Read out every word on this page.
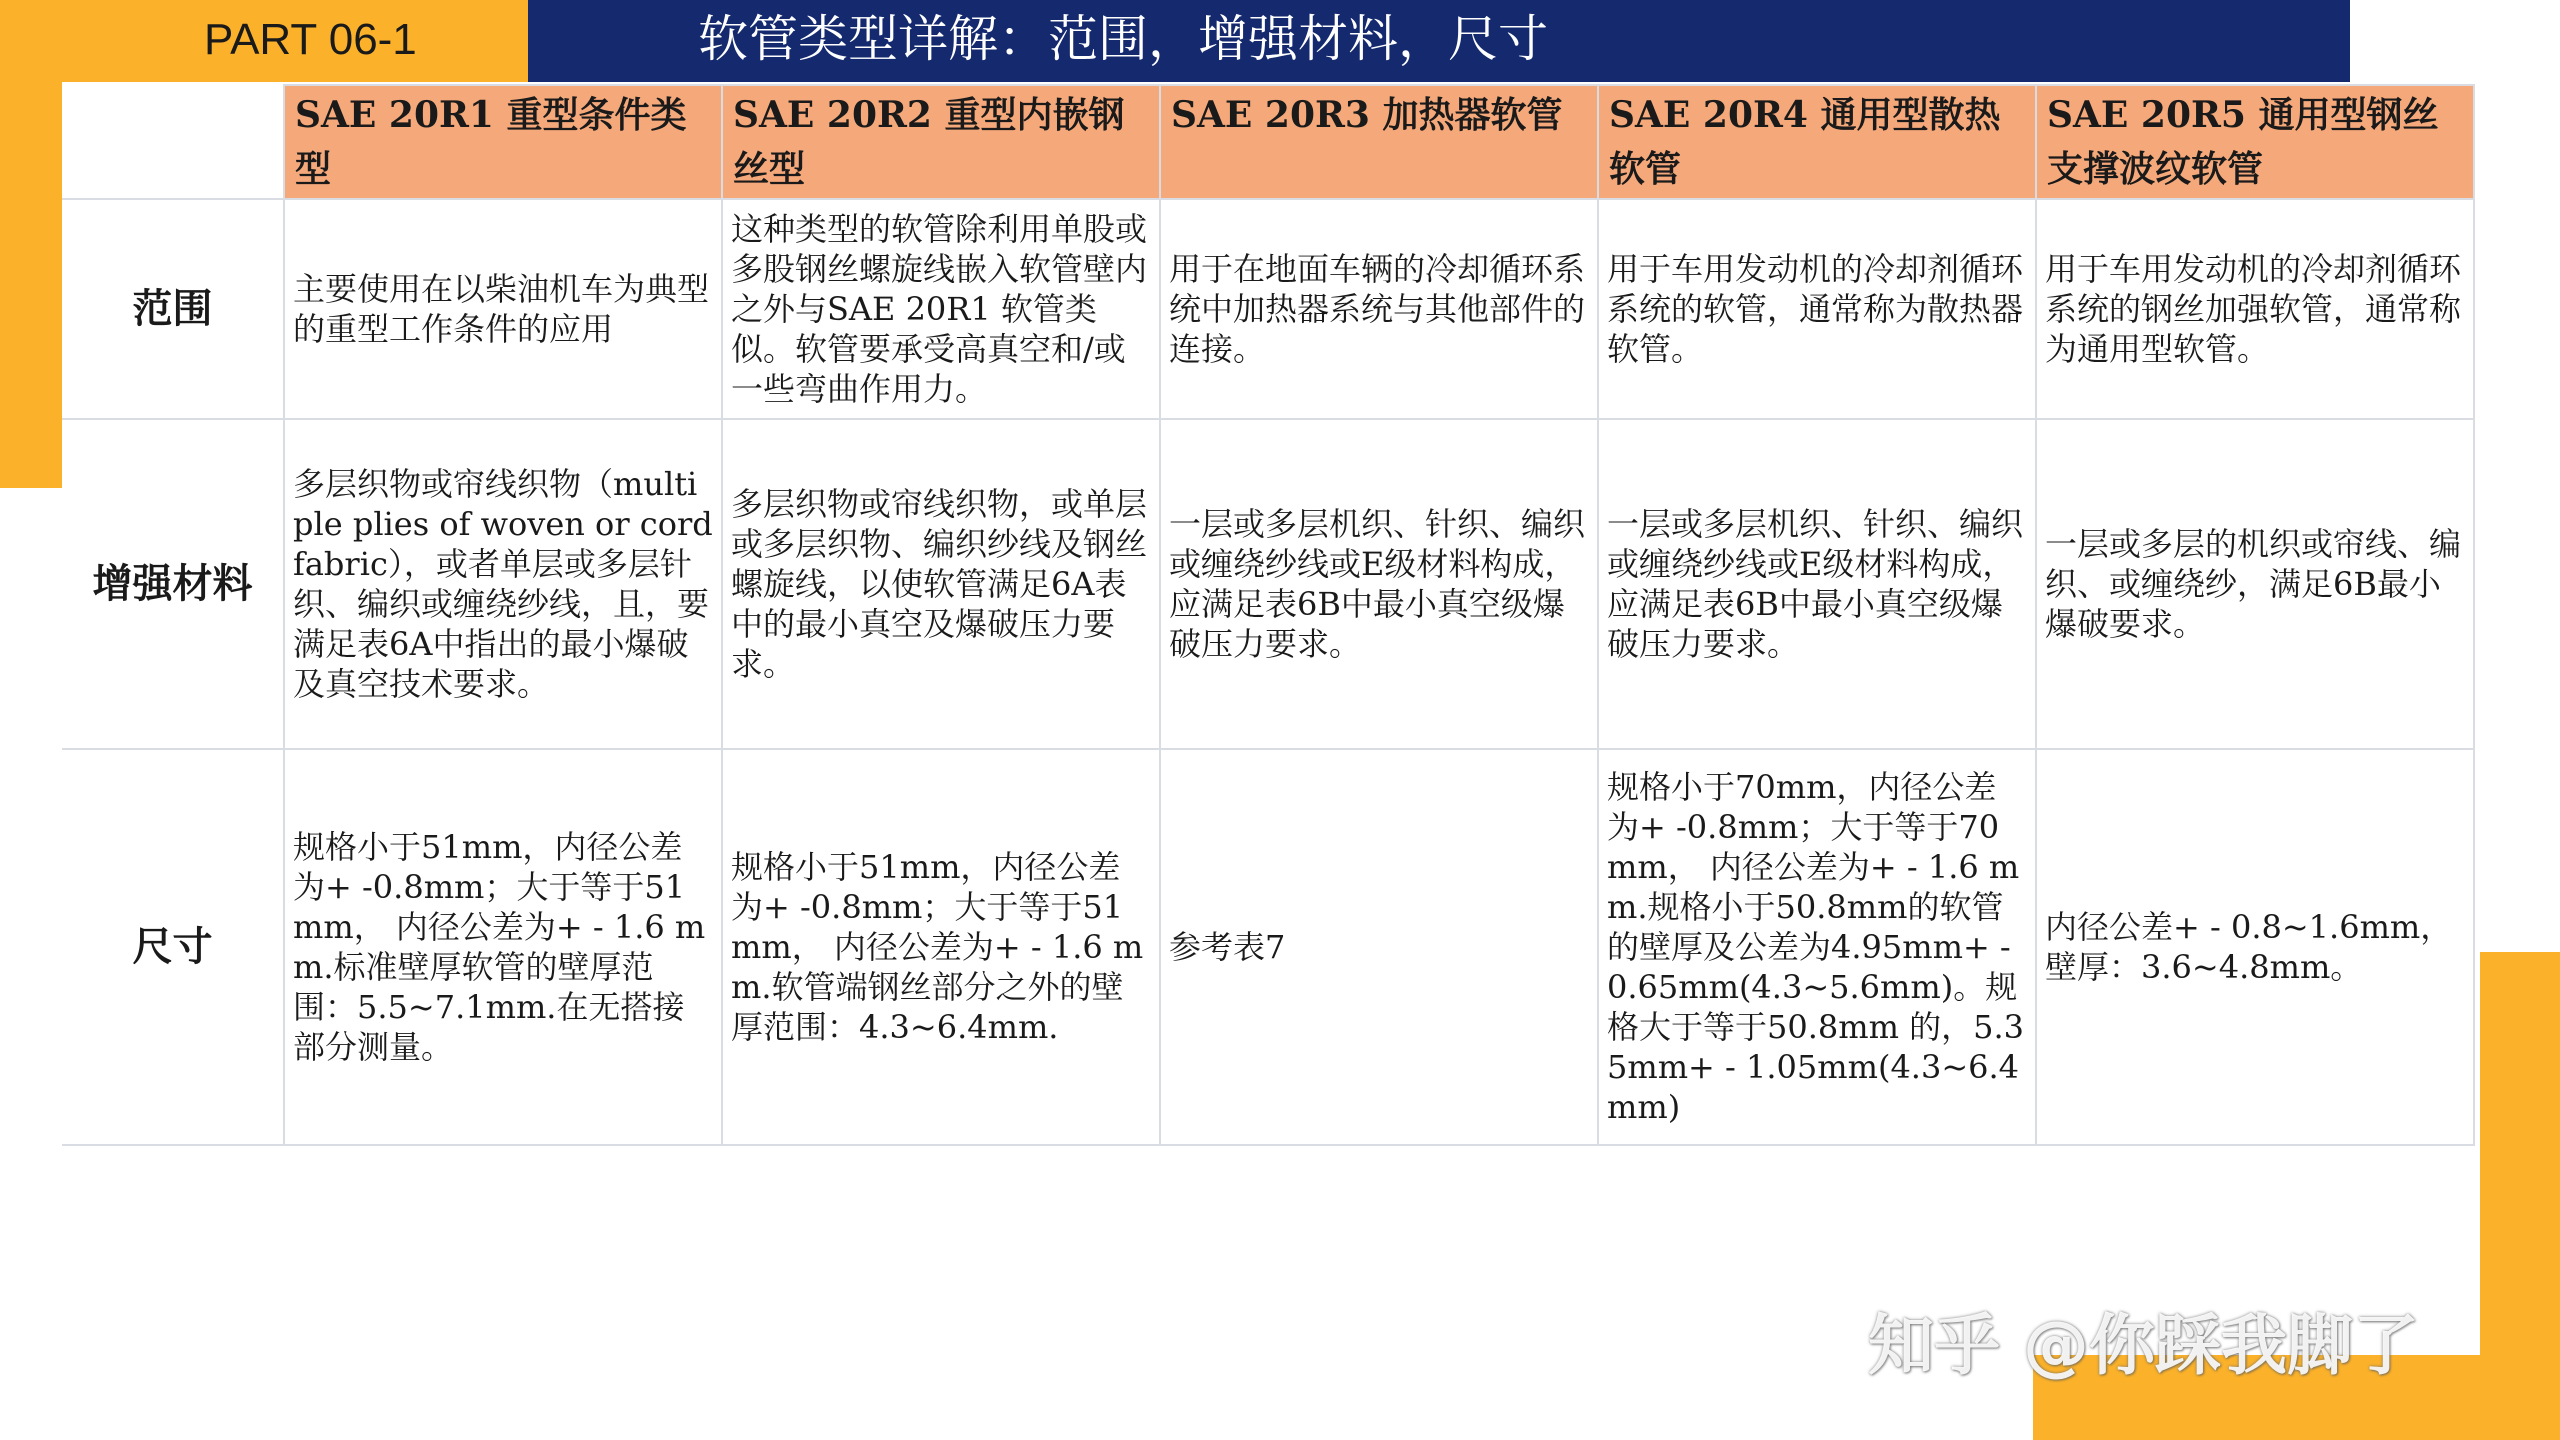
PART 06-1	软管类型详解：范围，增强材料，尺寸
	SAE 20R1 重型条件类型	SAE 20R2 重型内嵌钢丝型	SAE 20R3 加热器软管	SAE 20R4 通用型散热软管	SAE 20R5 通用型钢丝支撑波纹软管
范围	主要使用在以柴油机车为典型的重型工作条件的应用	这种类型的软管除利用单股或多股钢丝螺旋线嵌入软管壁内之外与SAE 20R1 软管类似。软管要承受高真空和/或一些弯曲作用力。	用于在地面车辆的冷却循环系统中加热器系统与其他部件的连接。	用于车用发动机的冷却剂循环系统的软管，通常称为散热器软管。	用于车用发动机的冷却剂循环系统的钢丝加强软管，通常称为通用型软管。
增强材料	多层织物或帘线织物（multiple plies of woven or cord fabric），或者单层或多层针织、编织或缠绕纱线，且，要满足表6A中指出的最小爆破及真空技术要求。	多层织物或帘线织物，或单层或多层织物、编织纱线及钢丝螺旋线，以使软管满足6A表中的最小真空及爆破压力要求。	一层或多层机织、针织、编织或缠绕纱线或E级材料构成，应满足表6B中最小真空级爆破压力要求。	一层或多层机织、针织、编织或缠绕纱线或E级材料构成，应满足表6B中最小真空级爆破压力要求。	一层或多层的机织或帘线、编织、或缠绕纱，满足6B最小爆破要求。
尺寸	规格小于51mm，内径公差为+ -0.8mm；大于等于51mm， 内径公差为+ - 1.6 mm.标准壁厚软管的壁厚范围：5.5~7.1mm.在无搭接部分测量。	规格小于51mm，内径公差为+ -0.8mm；大于等于51mm， 内径公差为+ - 1.6 mm.软管端钢丝部分之外的壁厚范围：4.3~6.4mm.	参考表7	规格小于70mm，内径公差为+ -0.8mm；大于等于70mm， 内径公差为+ - 1.6 mm.规格小于50.8mm的软管的壁厚及公差为4.95mm+ - 0.65mm(4.3~5.6mm)。规格大于等于50.8mm 的，5.35mm+ - 1.05mm(4.3~6.4mm)	内径公差+ - 0.8~1.6mm，壁厚：3.6~4.8mm。
知乎 @你踩我脚了
